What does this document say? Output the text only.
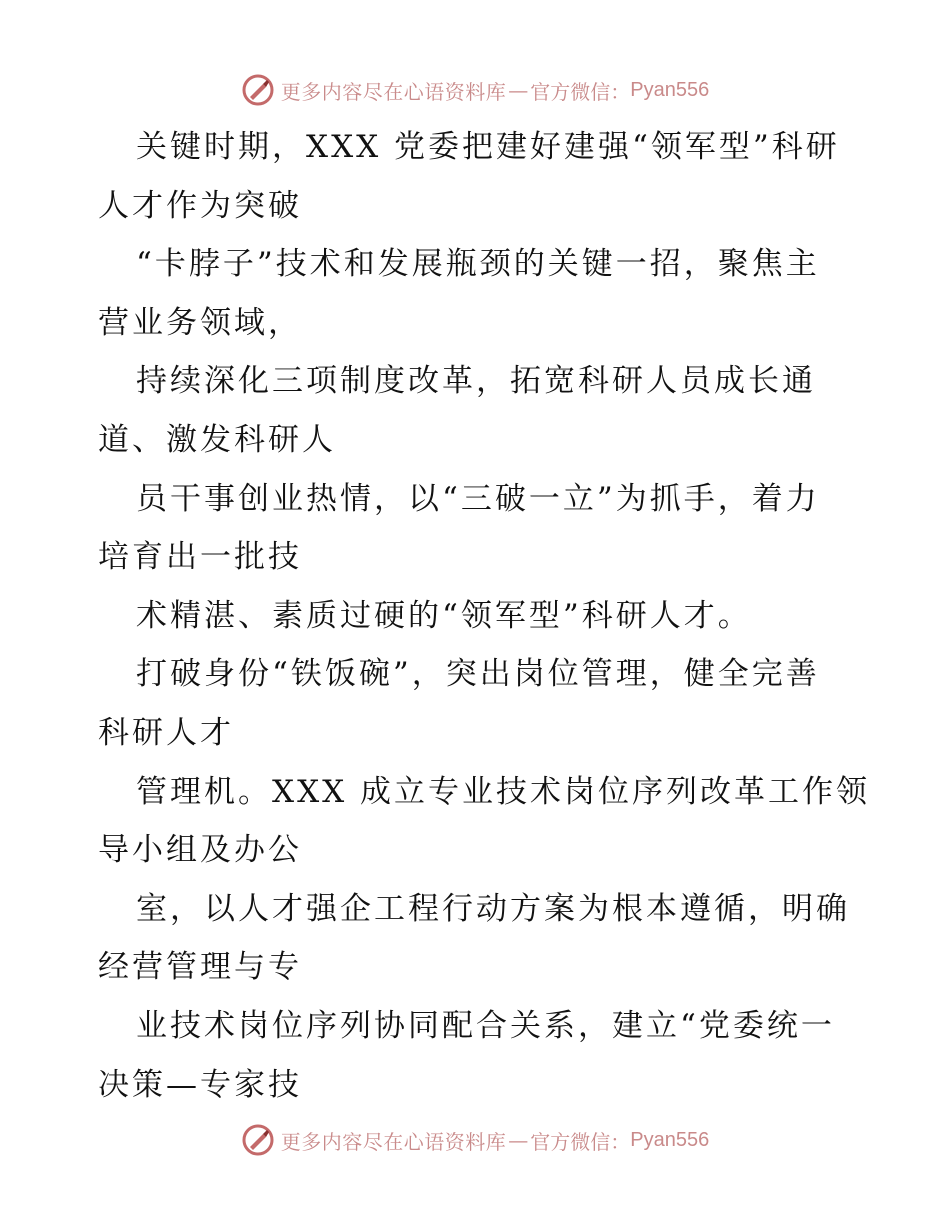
更多内容尽在心语资料库 — 官方微信： Pyan556
关键时期，XXX 党委把建好建强“领军型”科研
人才作为突破
“卡脖子”技术和发展瓶颈的关键一招，聚焦主
营业务领域，
持续深化三项制度改革，拓宽科研人员成长通
道、激发科研人
员干事创业热情，以“三破一立”为抓手，着力
培育出一批技
术精湛、素质过硬的“领军型”科研人才。
打破身份“铁饭碗”，突出岗位管理，健全完善
科研人才
管理机。XXX 成立专业技术岗位序列改革工作领
导小组及办公
室，以人才强企工程行动方案为根本遵循，明确
经营管理与专
业技术岗位序列协同配合关系，建立“党委统一
决策—专家技
更多内容尽在心语资料库 — 官方微信： Pyan556
